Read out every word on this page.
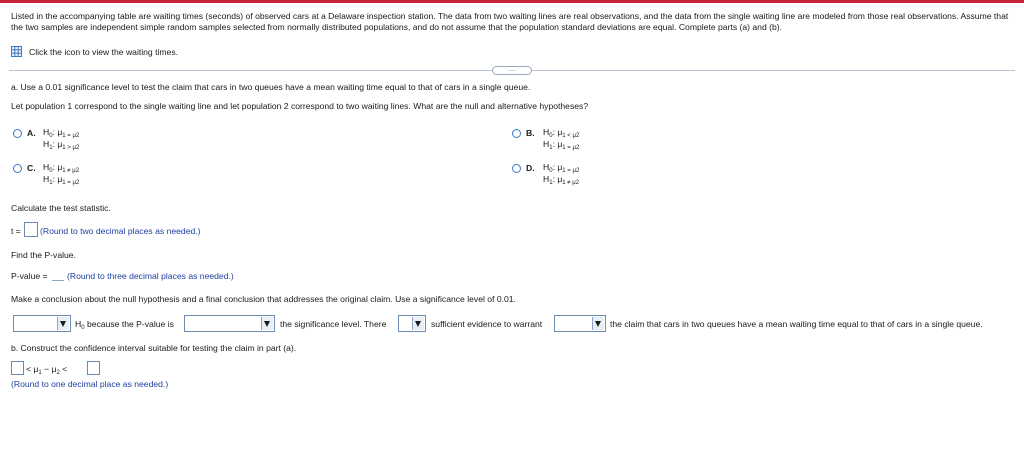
Listed in the accompanying table are waiting times (seconds) of observed cars at a Delaware inspection station. The data from two waiting lines are real observations, and the data from the single waiting line are modeled from those real observations. Assume that the two samples are independent simple random samples selected from normally distributed populations, and do not assume that the population standard deviations are equal. Complete parts (a) and (b).
Click the icon to view the waiting times.
.....
a. Use a 0.01 significance level to test the claim that cars in two queues have a mean waiting time equal to that of cars in a single queue.
Let population 1 correspond to the single waiting line and let population 2 correspond to two waiting lines. What are the null and alternative hypotheses?
A. $H_0$: $\mu_{1 = \mu 2}$
$H_1$: $\mu_{1 > \mu 2}$
B. $H_0$: $\mu_{1 < \mu 2}$
$H_1$: $\mu_{1 = \mu 2}$
C. $H_0$: $\mu_{1 \ne \mu 2}$
$H_1$: $\mu_{1 = \mu 2}$
D. $H_0$: $\mu_{1 = \mu 2}$
$H_1$: $\mu_{1 \ne \mu 2}$
Calculate the test statistic.
t = (Round to two decimal places as needed.)
Find the P-value.
P-value = (Round to three decimal places as needed.)
Make a conclusion about the null hypothesis and a final conclusion that addresses the original claim. Use a significance level of 0.01.
$H_0$ because the P-value is	the significance level. There	sufficient evidence to warrant	the claim that cars in two queues have a mean waiting time equal to that of cars in a single queue.
b. Construct the confidence interval suitable for testing the claim in part (a).
< $\mu_1 - \mu_2$ <
(Round to one decimal place as needed.)
